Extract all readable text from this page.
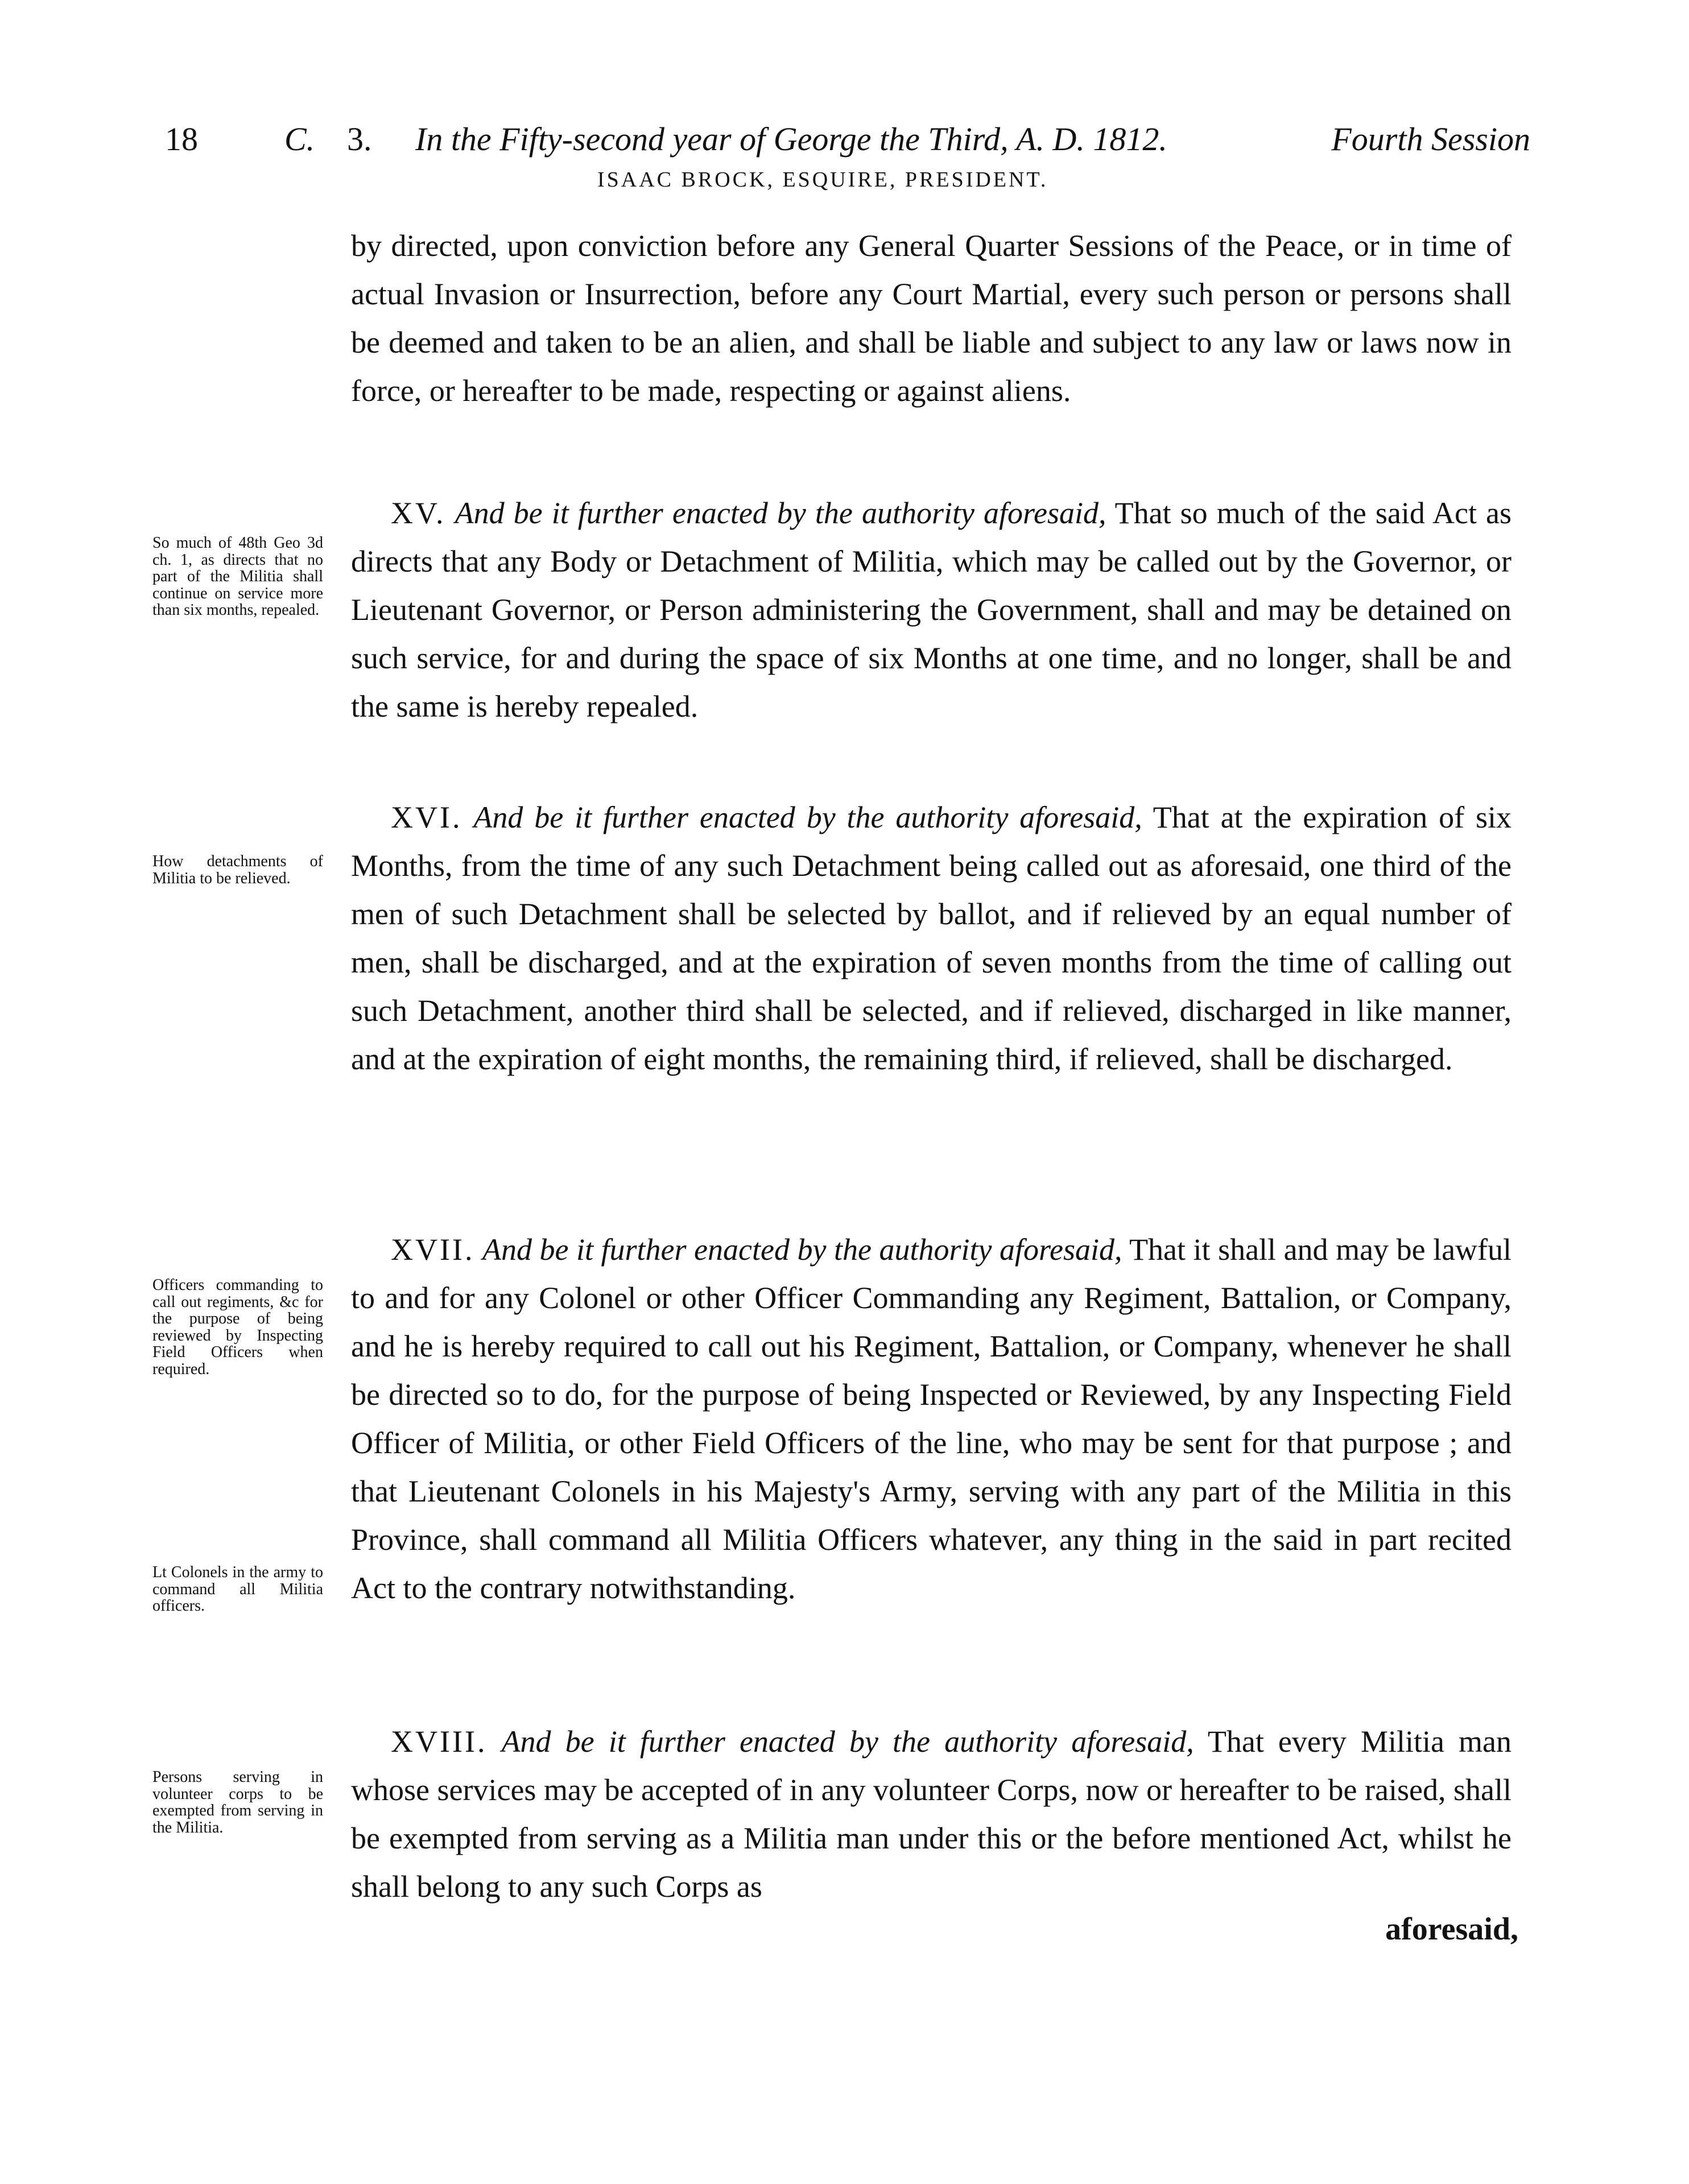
18	C. 3. In the Fifty-second year of George the Third, A. D. 1812.	Fourth Session
ISAAC BROCK, ESQUIRE, PRESIDENT.
So much of 48th Geo 3d ch. 1, as directs that no part of the Militia shall continue on service more than six months, repealed.
How detachments of Militia to be relieved.
Officers commanding to call out regiments, &c for the purpose of being reviewed by Inspecting Field Officers when required.
Lt Colonels in the army to command all Militia officers.
Persons serving in volunteer corps to be exempted from serving in the Militia.
by directed, upon conviction before any General Quarter Sessions of the Peace, or in time of actual Invasion or Insurrection, before any Court Martial, every such person or persons shall be deemed and taken to be an alien, and shall be liable and subject to any law or laws now in force, or hereafter to be made, respecting or against aliens.
XV. And be it further enacted by the authority aforesaid, That so much of the said Act as directs that any Body or Detachment of Militia, which may be called out by the Governor, or Lieutenant Governor, or Person administering the Government, shall and may be detained on such service, for and during the space of six Months at one time, and no longer, shall be and the same is hereby repealed.
XVI. And be it further enacted by the authority aforesaid, That at the expiration of six Months, from the time of any such Detachment being called out as aforesaid, one third of the men of such Detachment shall be selected by ballot, and if relieved by an equal number of men, shall be discharged, and at the expiration of seven months from the time of calling out such Detachment, another third shall be selected, and if relieved, discharged in like manner, and at the expiration of eight months, the remaining third, if relieved, shall be discharged.
XVII. And be it further enacted by the authority aforesaid, That it shall and may be lawful to and for any Colonel or other Officer Commanding any Regiment, Battalion, or Company, and he is hereby required to call out his Regiment, Battalion, or Company, whenever he shall be directed so to do, for the purpose of being Inspected or Reviewed, by any Inspecting Field Officer of Militia, or other Field Officers of the line, who may be sent for that purpose ; and that Lieutenant Colonels in his Majesty's Army, serving with any part of the Militia in this Province, shall command all Militia Officers whatever, any thing in the said in part recited Act to the contrary notwithstanding.
XVIII. And be it further enacted by the authority aforesaid, That every Militia man whose services may be accepted of in any volunteer Corps, now or hereafter to be raised, shall be exempted from serving as a Militia man under this or the before mentioned Act, whilst he shall belong to any such Corps as
aforesaid,
